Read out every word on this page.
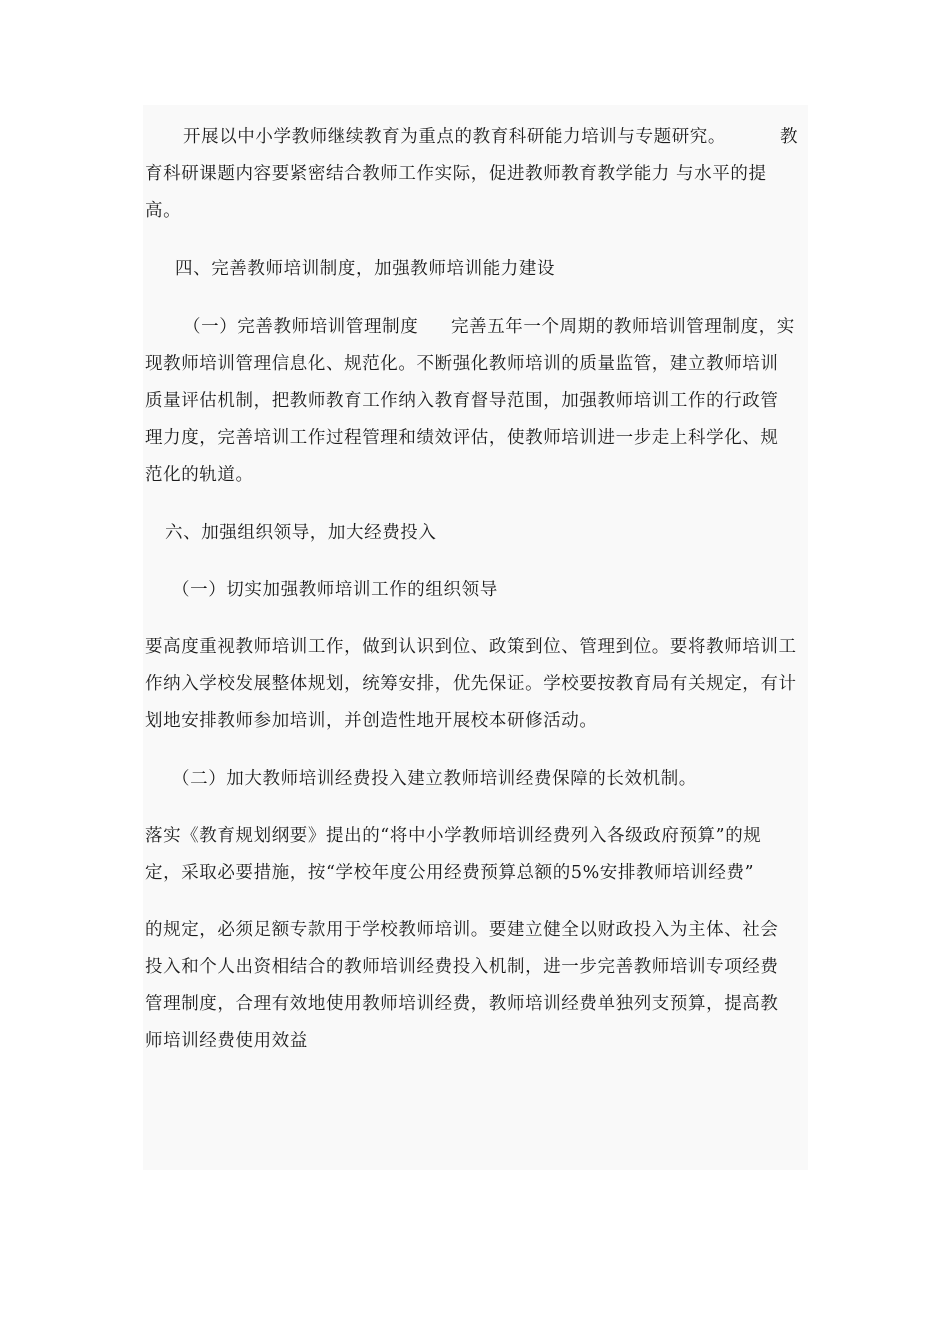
开展以中小学教师继续教育为重点的教育科研能力培训与专题研究。	教
育科研课题内容要紧密结合教师工作实际，促进教师教育教学能力 与水平的提
高。
四、完善教师培训制度，加强教师培训能力建设
（一）完善教师培训管理制度 完善五年一个周期的教师培训管理制度，实
现教师培训管理信息化、规范化。不断强化教师培训的质量监管，建立教师培训
质量评估机制，把教师教育工作纳入教育督导范围，加强教师培训工作的行政管
理力度，完善培训工作过程管理和绩效评估，使教师培训进一步走上科学化、规
范化的轨道。
六、加强组织领导，加大经费投入
（一）切实加强教师培训工作的组织领导
要高度重视教师培训工作，做到认识到位、政策到位、管理到位。要将教师培训工
作纳入学校发展整体规划，统筹安排，优先保证。学校要按教育局有关规定，有计
划地安排教师参加培训，并创造性地开展校本研修活动。
（二）加大教师培训经费投入建立教师培训经费保障的长效机制。
落实《教育规划纲要》提出的“将中小学教师培训经费列入各级政府预算”的规
定，采取必要措施，按“学校年度公用经费预算总额的5%安排教师培训经费”
的规定，必须足额专款用于学校教师培训。要建立健全以财政投入为主体、社会
投入和个人出资相结合的教师培训经费投入机制，进一步完善教师培训专项经费
管理制度，合理有效地使用教师培训经费，教师培训经费单独列支预算，提高教
师培训经费使用效益
